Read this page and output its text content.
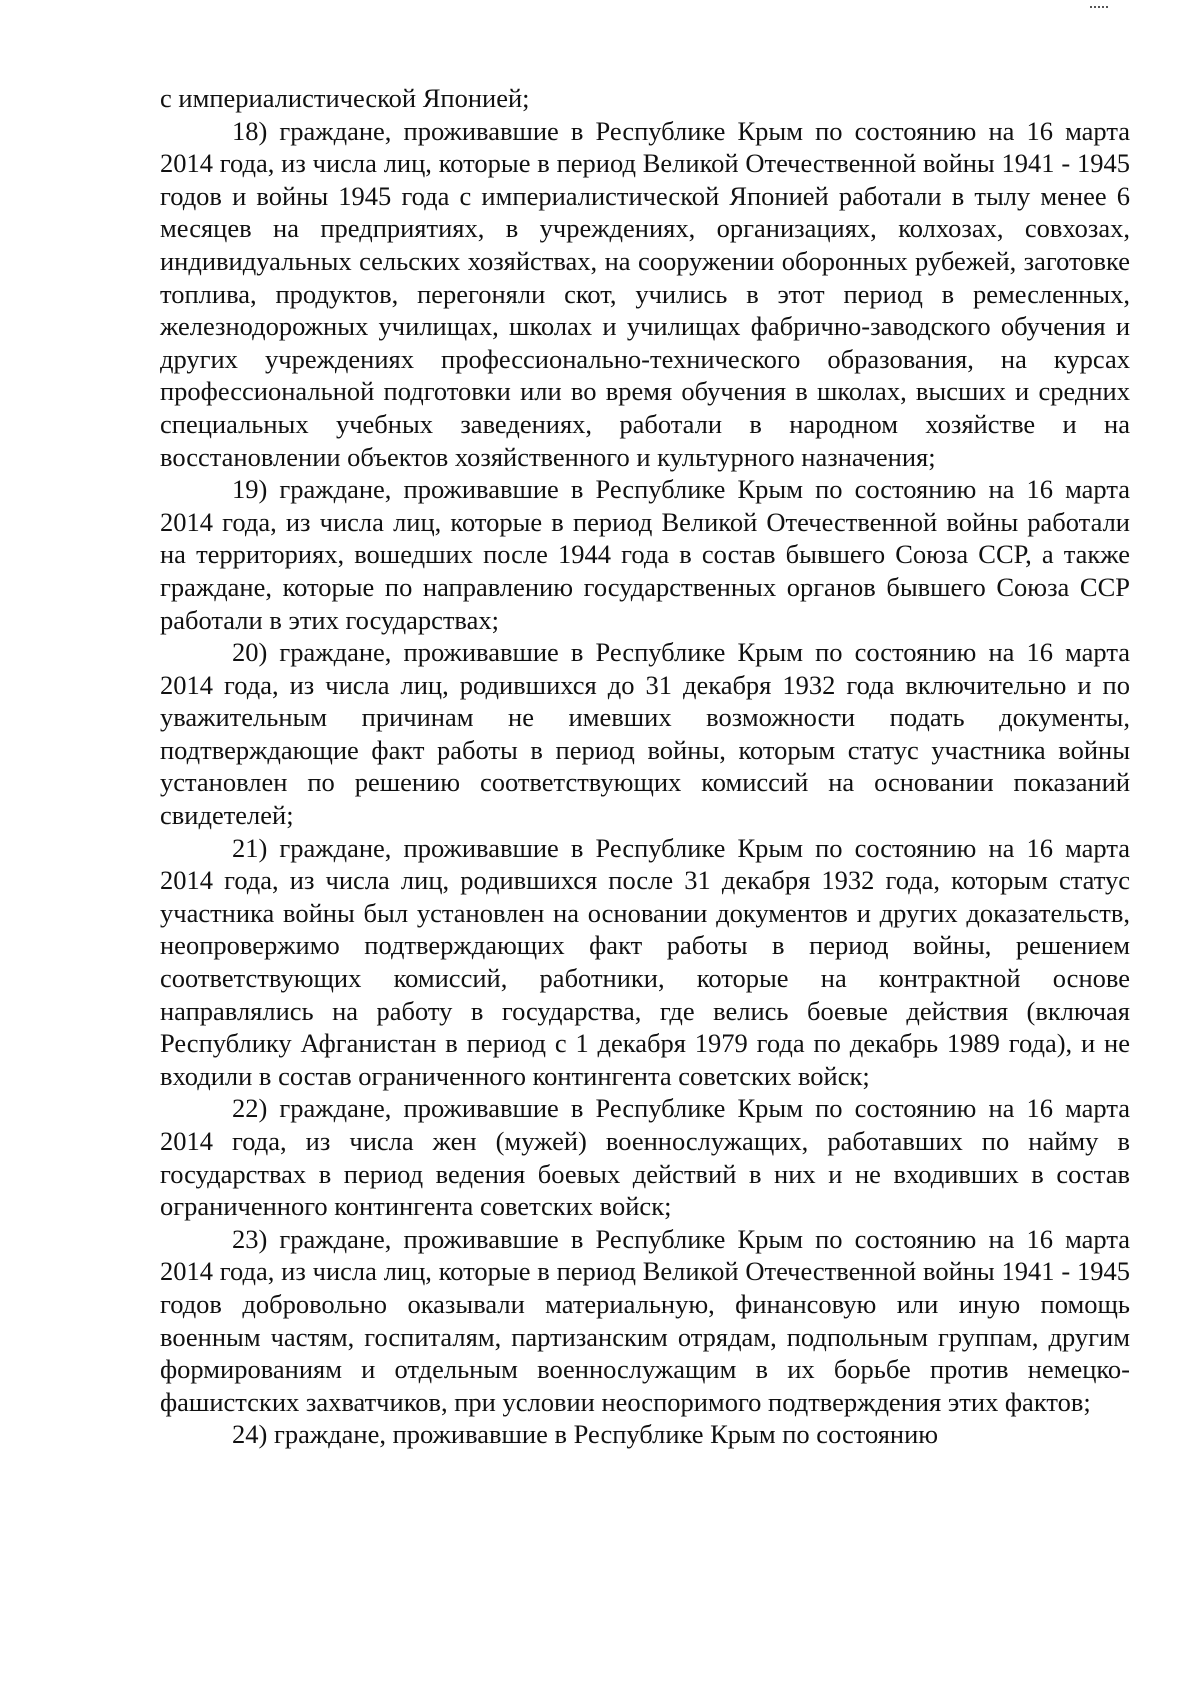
с империалистической Японией;

18) граждане, проживавшие в Республике Крым по состоянию на 16 марта 2014 года, из числа лиц, которые в период Великой Отечественной войны 1941 - 1945 годов и войны 1945 года с империалистической Японией работали в тылу менее 6 месяцев на предприятиях, в учреждениях, организациях, колхозах, совхозах, индивидуальных сельских хозяйствах, на сооружении оборонных рубежей, заготовке топлива, продуктов, перегоняли скот, учились в этот период в ремесленных, железнодорожных училищах, школах и училищах фабрично-заводского обучения и других учреждениях профессионально-технического образования, на курсах профессиональной подготовки или во время обучения в школах, высших и средних специальных учебных заведениях, работали в народном хозяйстве и на восстановлении объектов хозяйственного и культурного назначения;

19) граждане, проживавшие в Республике Крым по состоянию на 16 марта 2014 года, из числа лиц, которые в период Великой Отечественной войны работали на территориях, вошедших после 1944 года в состав бывшего Союза ССР, а также граждане, которые по направлению государственных органов бывшего Союза ССР работали в этих государствах;

20) граждане, проживавшие в Республике Крым по состоянию на 16 марта 2014 года, из числа лиц, родившихся до 31 декабря 1932 года включительно и по уважительным причинам не имевших возможности подать документы, подтверждающие факт работы в период войны, которым статус участника войны установлен по решению соответствующих комиссий на основании показаний свидетелей;

21) граждане, проживавшие в Республике Крым по состоянию на 16 марта 2014 года, из числа лиц, родившихся после 31 декабря 1932 года, которым статус участника войны был установлен на основании документов и других доказательств, неопровержимо подтверждающих факт работы в период войны, решением соответствующих комиссий, работники, которые на контрактной основе направлялись на работу в государства, где велись боевые действия (включая Республику Афганистан в период с 1 декабря 1979 года по декабрь 1989 года), и не входили в состав ограниченного контингента советских войск;

22) граждане, проживавшие в Республике Крым по состоянию на 16 марта 2014 года, из числа жен (мужей) военнослужащих, работавших по найму в государствах в период ведения боевых действий в них и не входивших в состав ограниченного контингента советских войск;

23) граждане, проживавшие в Республике Крым по состоянию на 16 марта 2014 года, из числа лиц, которые в период Великой Отечественной войны 1941 - 1945 годов добровольно оказывали материальную, финансовую или иную помощь военным частям, госпиталям, партизанским отрядам, подпольным группам, другим формированиям и отдельным военнослужащим в их борьбе против немецко-фашистских захватчиков, при условии неоспоримого подтверждения этих фактов;

24) граждане, проживавшие в Республике Крым по состоянию
